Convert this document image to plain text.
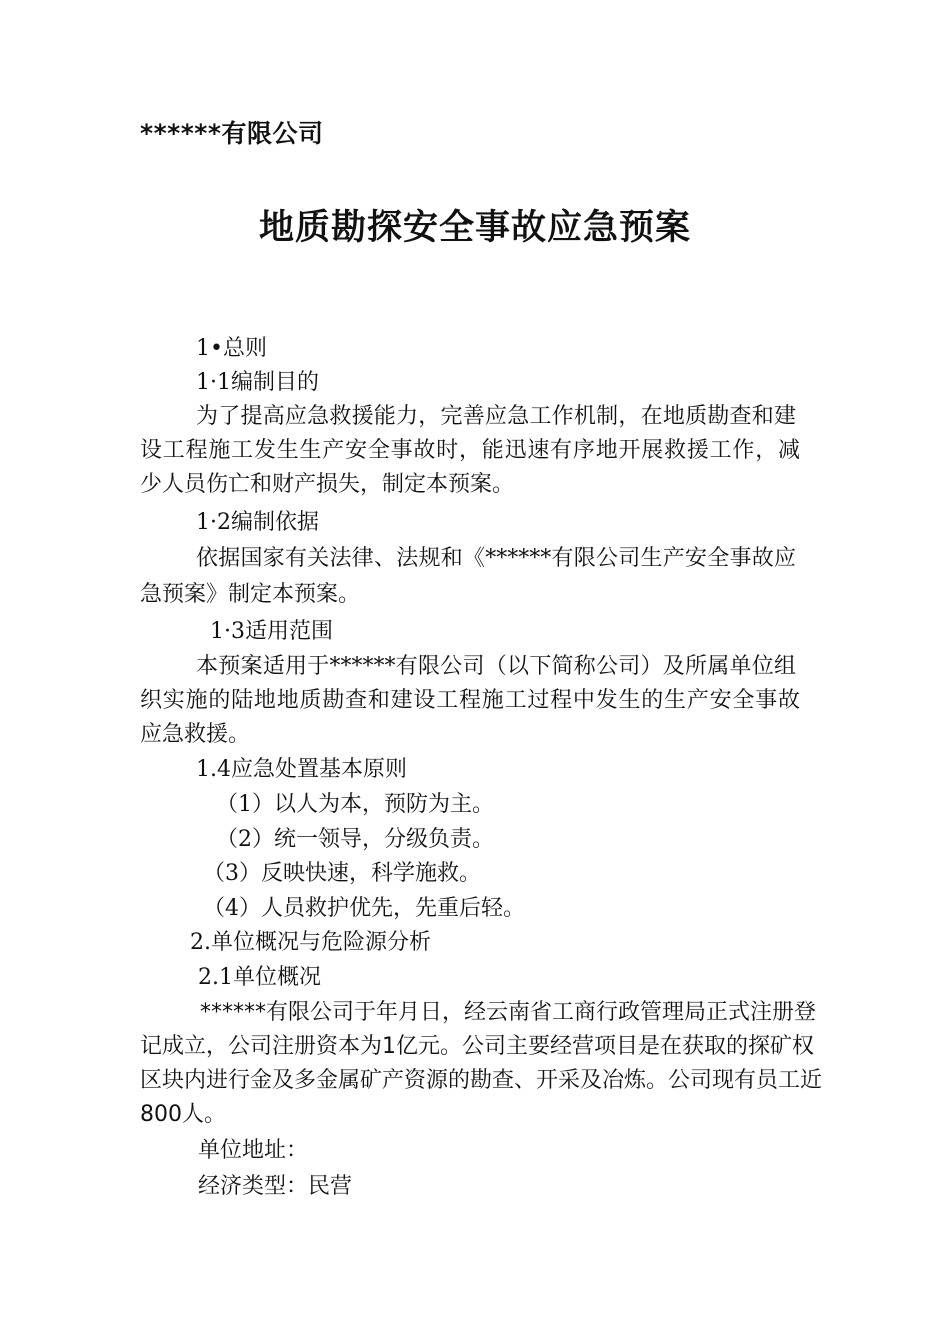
******有限公司
地质勘探安全事故应急预案
1•总则
1·1编制目的
为了提高应急救援能力，完善应急工作机制，在地质勘查和建
设工程施工发生生产安全事故时，能迅速有序地开展救援工作，减
少人员伤亡和财产损失，制定本预案。
1·2编制依据
依据国家有关法律、法规和《******有限公司生产安全事故应
急预案》制定本预案。
1·3适用范围
本预案适用于******有限公司（以下简称公司）及所属单位组
织实施的陆地地质勘查和建设工程施工过程中发生的生产安全事故
应急救援。
1.4应急处置基本原则
（1）以人为本，预防为主。
（2）统一领导，分级负责。
（3）反映快速，科学施救。
（4）人员救护优先，先重后轻。
2.单位概况与危险源分析
2.1单位概况
******有限公司于年月日，经云南省工商行政管理局正式注册登
记成立，公司注册资本为1亿元。公司主要经营项目是在获取的探矿权
区块内进行金及多金属矿产资源的勘查、开采及冶炼。公司现有员工近
800人。
单位地址：
经济类型：民营
